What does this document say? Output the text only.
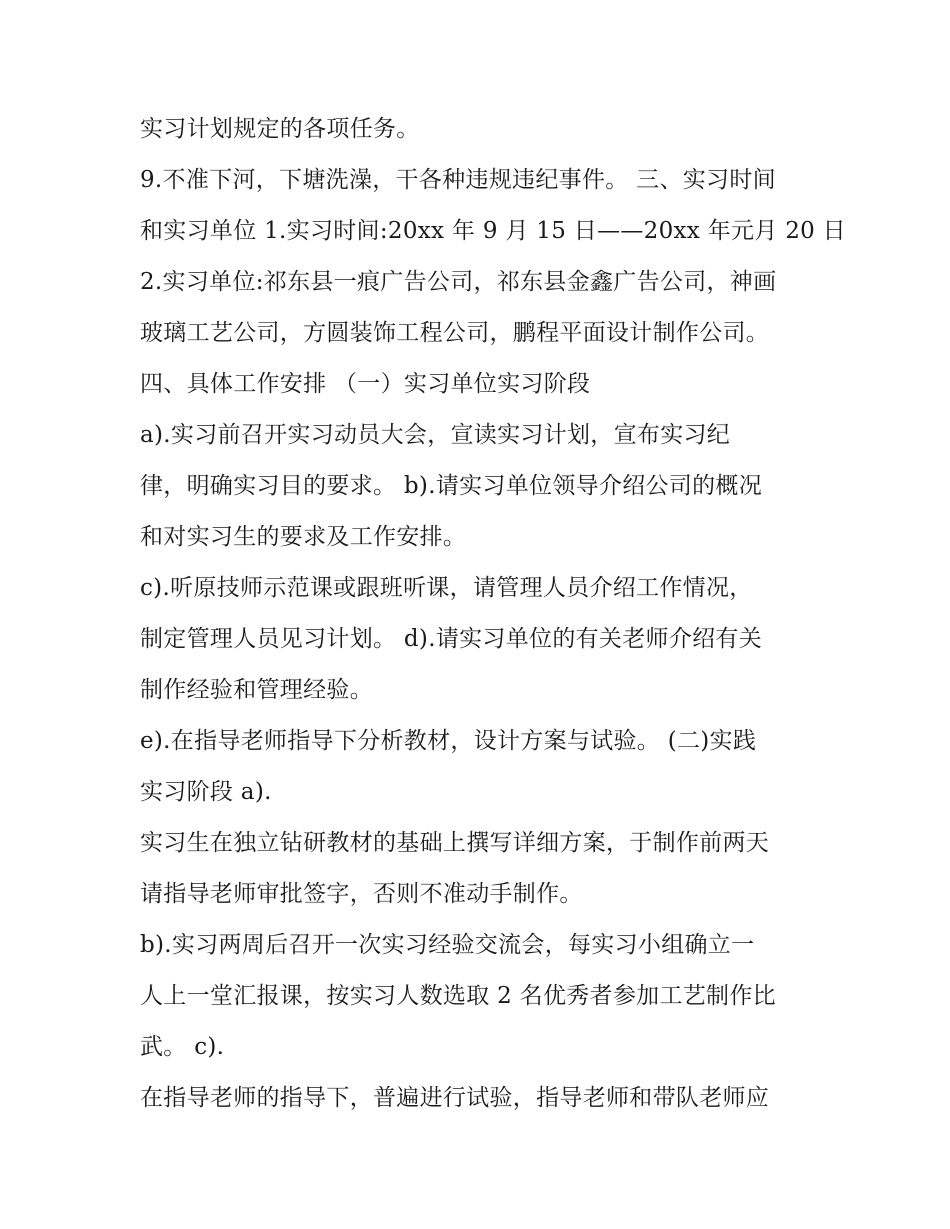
实习计划规定的各项任务。
9.不准下河，下塘洗澡，干各种违规违纪事件。 三、实习时间
和实习单位 1.实习时间:20xx 年 9 月 15 日——20xx 年元月 20 日
2.实习单位:祁东县一痕广告公司，祁东县金鑫广告公司，神画
玻璃工艺公司，方圆装饰工程公司，鹏程平面设计制作公司。
四、具体工作安排 （一）实习单位实习阶段
a).实习前召开实习动员大会，宣读实习计划，宣布实习纪
律，明确实习目的要求。 b).请实习单位领导介绍公司的概况
和对实习生的要求及工作安排。
c).听原技师示范课或跟班听课，请管理人员介绍工作情况，
制定管理人员见习计划。 d).请实习单位的有关老师介绍有关
制作经验和管理经验。
e).在指导老师指导下分析教材，设计方案与试验。 (二)实践
实习阶段 a).
实习生在独立钻研教材的基础上撰写详细方案，于制作前两天
请指导老师审批签字，否则不准动手制作。
b).实习两周后召开一次实习经验交流会，每实习小组确立一
人上一堂汇报课，按实习人数选取 2 名优秀者参加工艺制作比
武。 c).
在指导老师的指导下，普遍进行试验，指导老师和带队老师应
